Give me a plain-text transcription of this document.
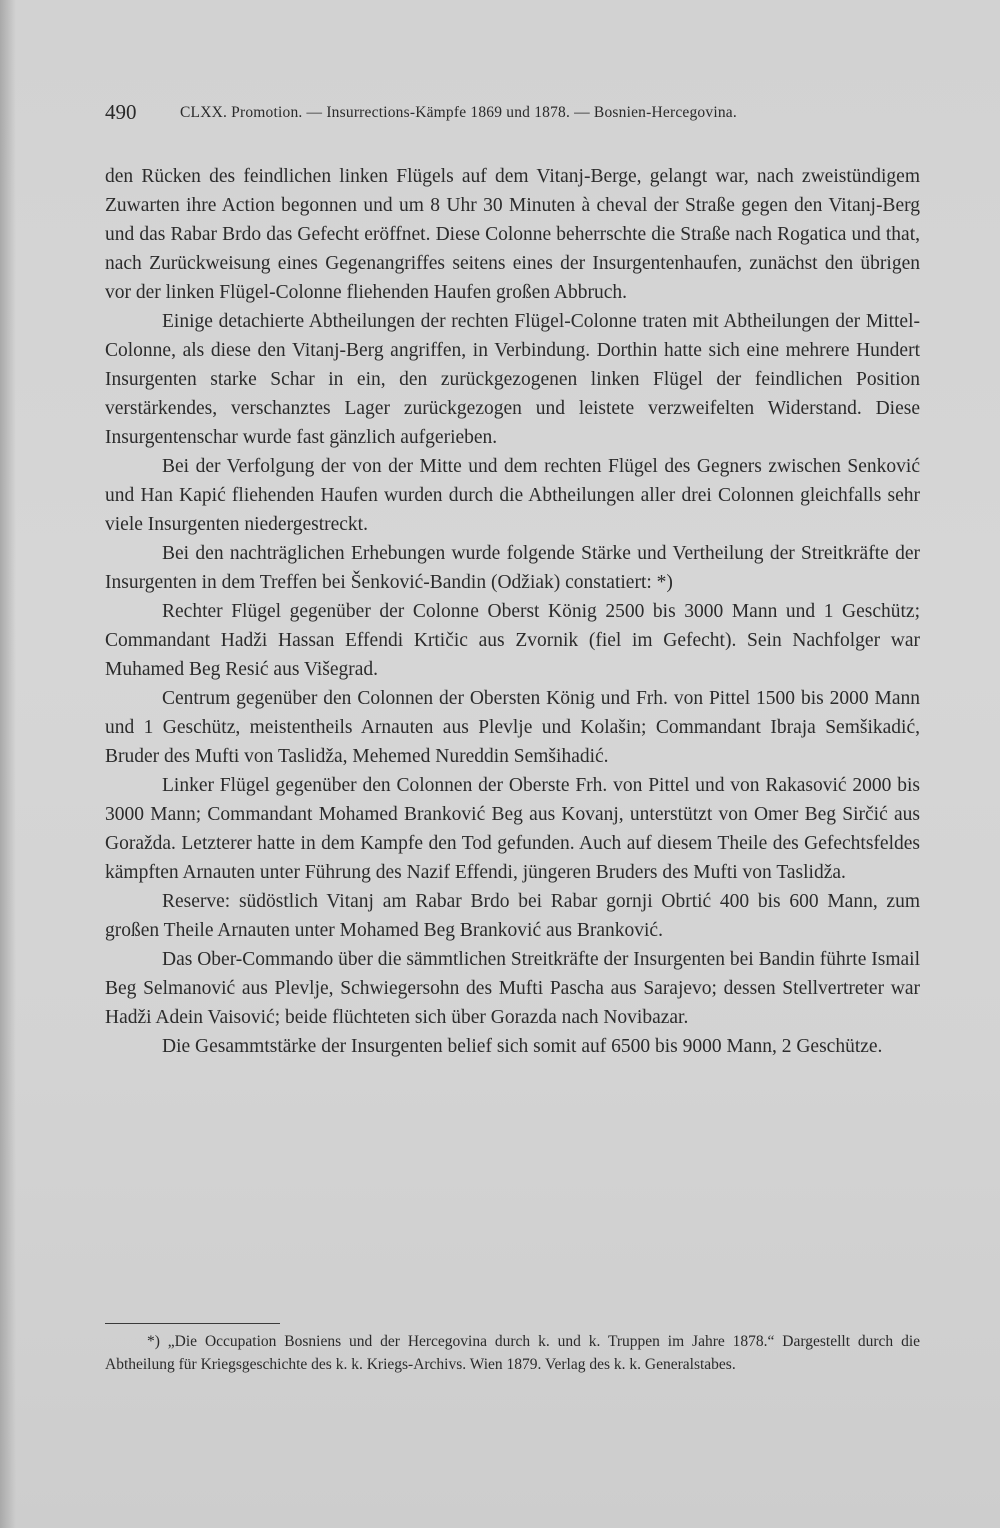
490	CLXX. Promotion. — Insurrections-Kämpfe 1869 und 1878. — Bosnien-Hercegovina.

den Rücken des feindlichen linken Flügels auf dem Vitanj-Berge, gelangt war, nach zweistündigem Zuwarten ihre Action begonnen und um 8 Uhr 30 Minuten à cheval der Straße gegen den Vitanj-Berg und das Rabar Brdo das Gefecht eröffnet. Diese Colonne beherrschte die Straße nach Rogatica und that, nach Zurückweisung eines Gegenangriffes seitens eines der Insurgentenhaufen, zunächst den übrigen vor der linken Flügel-Colonne fliehenden Haufen großen Abbruch.

Einige detachierte Abtheilungen der rechten Flügel-Colonne traten mit Abtheilungen der Mittel-Colonne, als diese den Vitanj-Berg angriffen, in Verbindung. Dorthin hatte sich eine mehrere Hundert Insurgenten starke Schar in ein, den zurückgezogenen linken Flügel der feindlichen Position verstärkendes, verschanztes Lager zurückgezogen und leistete verzweifelten Widerstand. Diese Insurgentenschar wurde fast gänzlich aufgerieben.

Bei der Verfolgung der von der Mitte und dem rechten Flügel des Gegners zwischen Senković und Han Kapić fliehenden Haufen wurden durch die Abtheilungen aller drei Colonnen gleichfalls sehr viele Insurgenten niedergestreckt.

Bei den nachträglichen Erhebungen wurde folgende Stärke und Vertheilung der Streitkräfte der Insurgenten in dem Treffen bei Šenković-Bandin (Odžiak) constatiert: *)

Rechter Flügel gegenüber der Colonne Oberst König 2500 bis 3000 Mann und 1 Geschütz; Commandant Hadži Hassan Effendi Krtičic aus Zvornik (fiel im Gefecht). Sein Nachfolger war Muhamed Beg Resić aus Višegrad.

Centrum gegenüber den Colonnen der Obersten König und Frh. von Pittel 1500 bis 2000 Mann und 1 Geschütz, meistentheils Arnauten aus Plevlje und Kolašin; Commandant Ibraja Semšikadić, Bruder des Mufti von Taslidža, Mehemed Nureddin Semšihadić.

Linker Flügel gegenüber den Colonnen der Oberste Frh. von Pittel und von Rakasović 2000 bis 3000 Mann; Commandant Mohamed Branković Beg aus Kovanj, unterstützt von Omer Beg Sirčić aus Goražda. Letzterer hatte in dem Kampfe den Tod gefunden. Auch auf diesem Theile des Gefechtsfeldes kämpften Arnauten unter Führung des Nazif Effendi, jüngeren Bruders des Mufti von Taslidža.

Reserve: südöstlich Vitanj am Rabar Brdo bei Rabar gornji Obrtić 400 bis 600 Mann, zum großen Theile Arnauten unter Mohamed Beg Branković aus Branković.

Das Ober-Commando über die sämmtlichen Streitkräfte der Insurgenten bei Bandin führte Ismail Beg Selmanović aus Plevlje, Schwiegersohn des Mufti Pascha aus Sarajevo; dessen Stellvertreter war Hadži Adein Vaisović; beide flüchteten sich über Gorazda nach Novibazar.

Die Gesammtstärke der Insurgenten belief sich somit auf 6500 bis 9000 Mann, 2 Geschütze.

*) „Die Occupation Bosniens und der Hercegovina durch k. und k. Truppen im Jahre 1878.“ Dargestellt durch die Abtheilung für Kriegsgeschichte des k. k. Kriegs-Archivs. Wien 1879. Verlag des k. k. Generalstabes.
